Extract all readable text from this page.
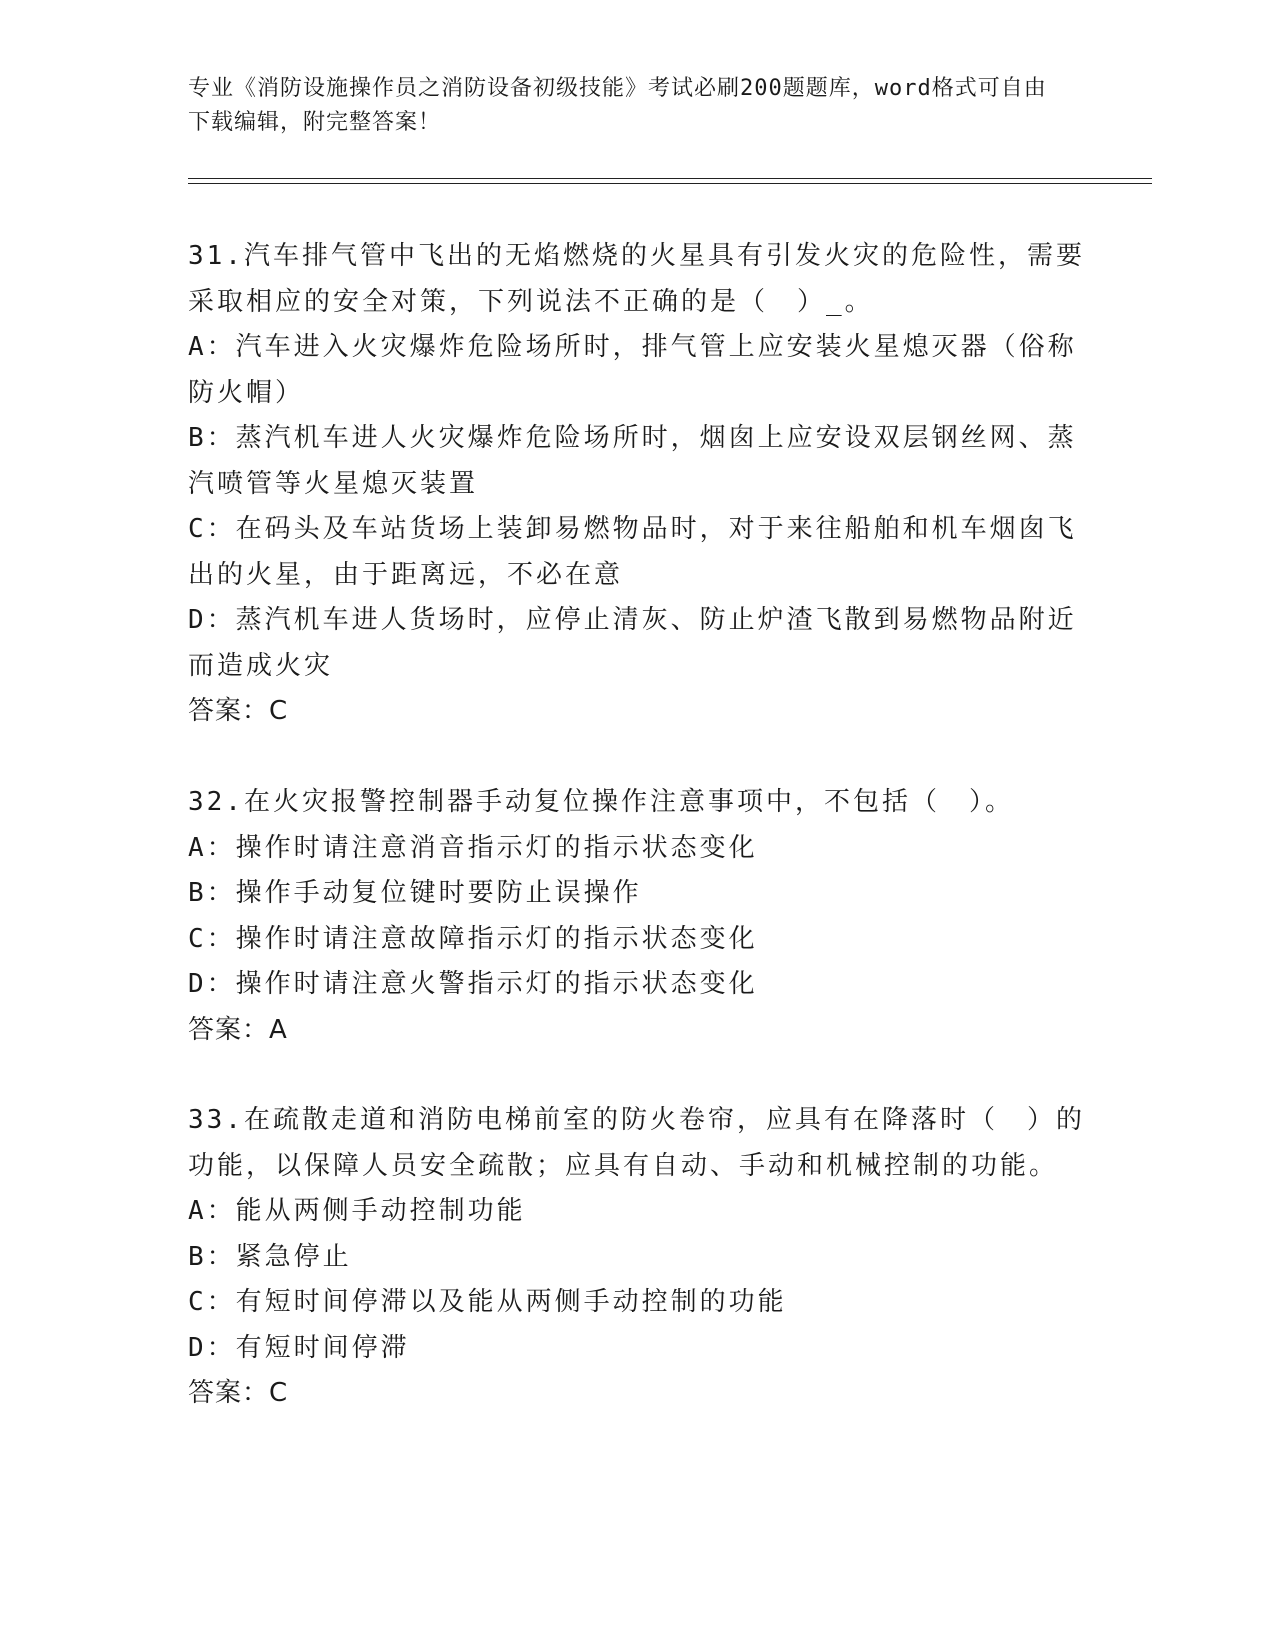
专业《消防设施操作员之消防设备初级技能》考试必刷200题题库，word格式可自由下载编辑，附完整答案！

31.汽车排气管中飞出的无焰燃烧的火星具有引发火灾的危险性，需要采取相应的安全对策，下列说法不正确的是（　）_。

A：汽车进入火灾爆炸危险场所时，排气管上应安装火星熄灭器（俗称防火帽）

B：蒸汽机车进人火灾爆炸危险场所时，烟囱上应安设双层钢丝网、蒸汽喷管等火星熄灭装置

C：在码头及车站货场上装卸易燃物品时，对于来往船舶和机车烟囱飞出的火星，由于距离远，不必在意

D：蒸汽机车进人货场时，应停止清灰、防止炉渣飞散到易燃物品附近而造成火灾

答案：C

32.在火灾报警控制器手动复位操作注意事项中，不包括（　）。

A：操作时请注意消音指示灯的指示状态变化

B：操作手动复位键时要防止误操作

C：操作时请注意故障指示灯的指示状态变化

D：操作时请注意火警指示灯的指示状态变化

答案：A

33.在疏散走道和消防电梯前室的防火卷帘，应具有在降落时（　）的功能，以保障人员安全疏散；应具有自动、手动和机械控制的功能。

A：能从两侧手动控制功能

B：紧急停止

C：有短时间停滞以及能从两侧手动控制的功能

D：有短时间停滞

答案：C
